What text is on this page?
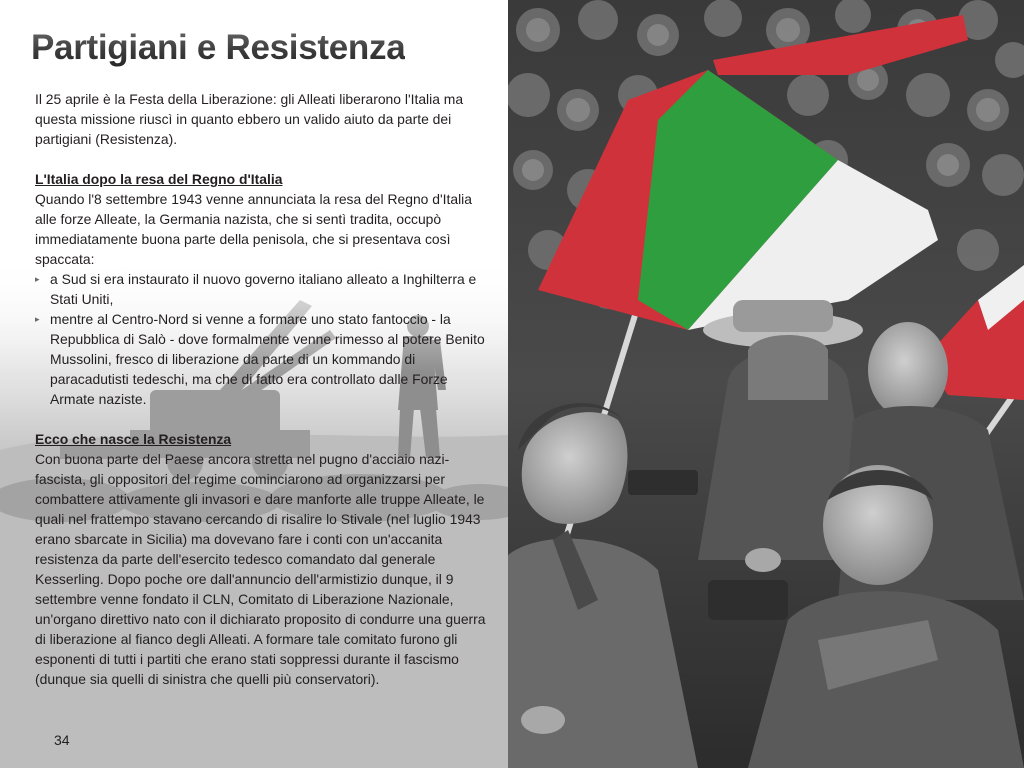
Partigiani e Resistenza

Il 25 aprile è la Festa della Liberazione: gli Alleati liberarono l'Italia ma questa missione riuscì in quanto ebbero un valido aiuto da parte dei partigiani (Resistenza).

L'Italia dopo la resa del Regno d'Italia

Quando l'8 settembre 1943 venne annunciata la resa del Regno d'Italia alle forze Alleate, la Germania nazista, che si sentì tradita, occupò immediatamente buona parte della penisola, che si presentava così spaccata:

▸ a Sud si era instaurato il nuovo governo italiano alleato a Inghilterra e Stati Uniti,
▸ mentre al Centro-Nord si venne a formare uno stato fantoccio - la Repubblica di Salò - dove formalmente venne rimesso al potere Benito Mussolini, fresco di liberazione da parte di un kommando di paracadutisti tedeschi, ma che di fatto era controllato dalle Forze Armate naziste.

Ecco che nasce la Resistenza

Con buona parte del Paese ancora stretta nel pugno d'acciaio nazi-fascista, gli oppositori del regime cominciarono ad organizzarsi per combattere attivamente gli invasori e dare manforte alle truppe Alleate, le quali nel frattempo stavano cercando di risalire lo Stivale (nel luglio 1943 erano sbarcate in Sicilia) ma dovevano fare i conti con un'accanita resistenza da parte dell'esercito tedesco comandato dal generale Kesserling. Dopo poche ore dall'annuncio dell'armistizio dunque, il 9 settembre venne fondato il CLN, Comitato di Liberazione Nazionale, un'organo direttivo nato con il dichiarato proposito di condurre una guerra di liberazione al fianco degli Alleati. A formare tale comitato furono gli esponenti di tutti i partiti che erano stati soppressi durante il fascismo (dunque sia quelli di sinistra che quelli più conservatori).

34
